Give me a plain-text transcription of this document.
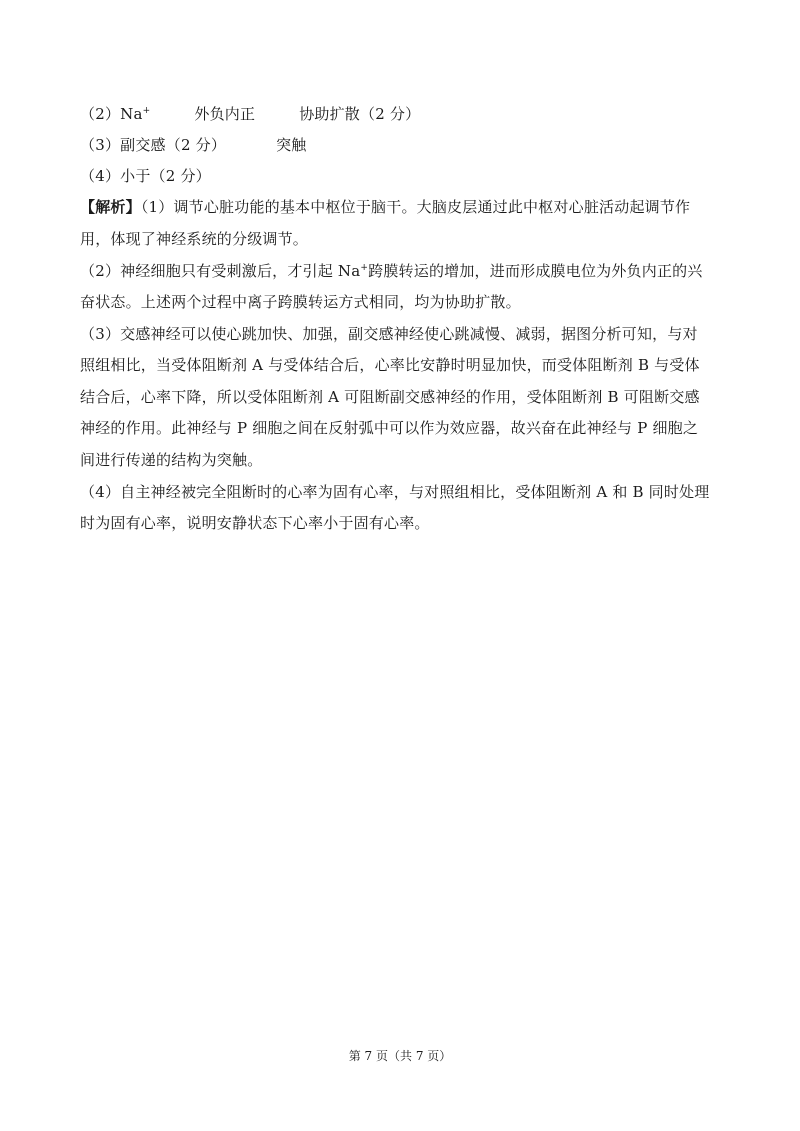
（2）Na+	外负内正	协助扩散（2 分）
（3）副交感（2 分）	突触
（4）小于（2 分）
【解析】（1）调节心脏功能的基本中枢位于脑干。大脑皮层通过此中枢对心脏活动起调节作
用，体现了神经系统的分级调节。
（2）神经细胞只有受刺激后，才引起 Na+跨膜转运的增加，进而形成膜电位为外负内正的兴
奋状态。上述两个过程中离子跨膜转运方式相同，均为协助扩散。
（3）交感神经可以使心跳加快、加强，副交感神经使心跳减慢、减弱，据图分析可知，与对
照组相比，当受体阻断剂 A 与受体结合后，心率比安静时明显加快，而受体阻断剂 B 与受体
结合后，心率下降，所以受体阻断剂 A 可阻断副交感神经的作用，受体阻断剂 B 可阻断交感
神经的作用。此神经与 P 细胞之间在反射弧中可以作为效应器，故兴奋在此神经与 P 细胞之
间进行传递的结构为突触。
（4）自主神经被完全阻断时的心率为固有心率，与对照组相比，受体阻断剂 A 和 B 同时处理
时为固有心率，说明安静状态下心率小于固有心率。
第 7 页（共 7 页）
